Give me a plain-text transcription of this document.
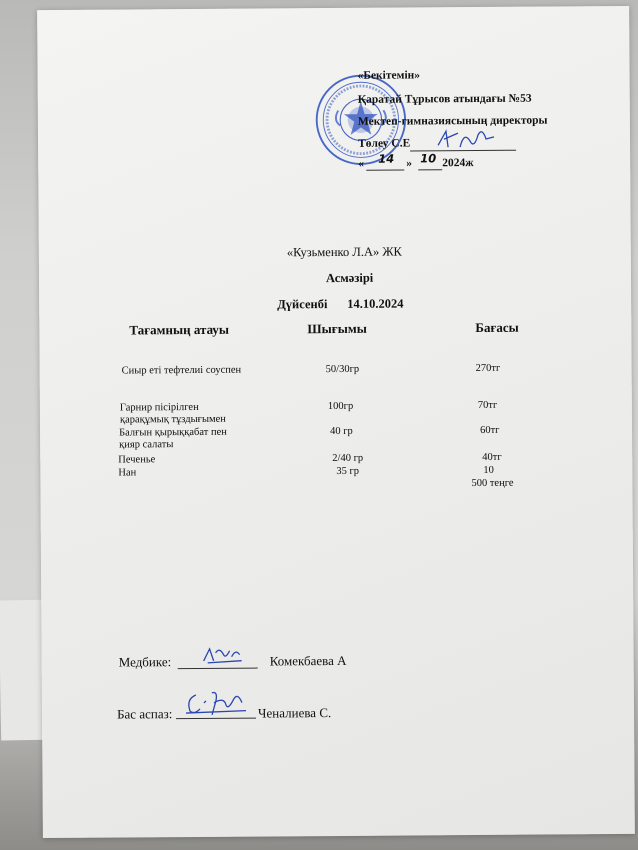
«Бекітемін»
Қаратай Тұрысов атындағы №53
Мектеп-гимназиясының директоры
Төлеу С.Е
« 14 » 10 2024ж
«Кузьменко Л.А» ЖК
Асмәзірі
Дүйсенбі 14.10.2024
Тағамның атауы	Шығымы	Бағасы
Сиыр еті тефтелиі соуспен	50/30гр	270тг
Гарнир пісірілген
қарақұмық тұздығымен
100гр	70тг
Балғын қырыққабат пен
қияр салаты
40 гр	60тг
Печенье	2/40 гр	40тг
Нан	35 гр	10
500 теңге
Медбике:	Комекбаева А
Бас аспаз:	Ченалиева С.
